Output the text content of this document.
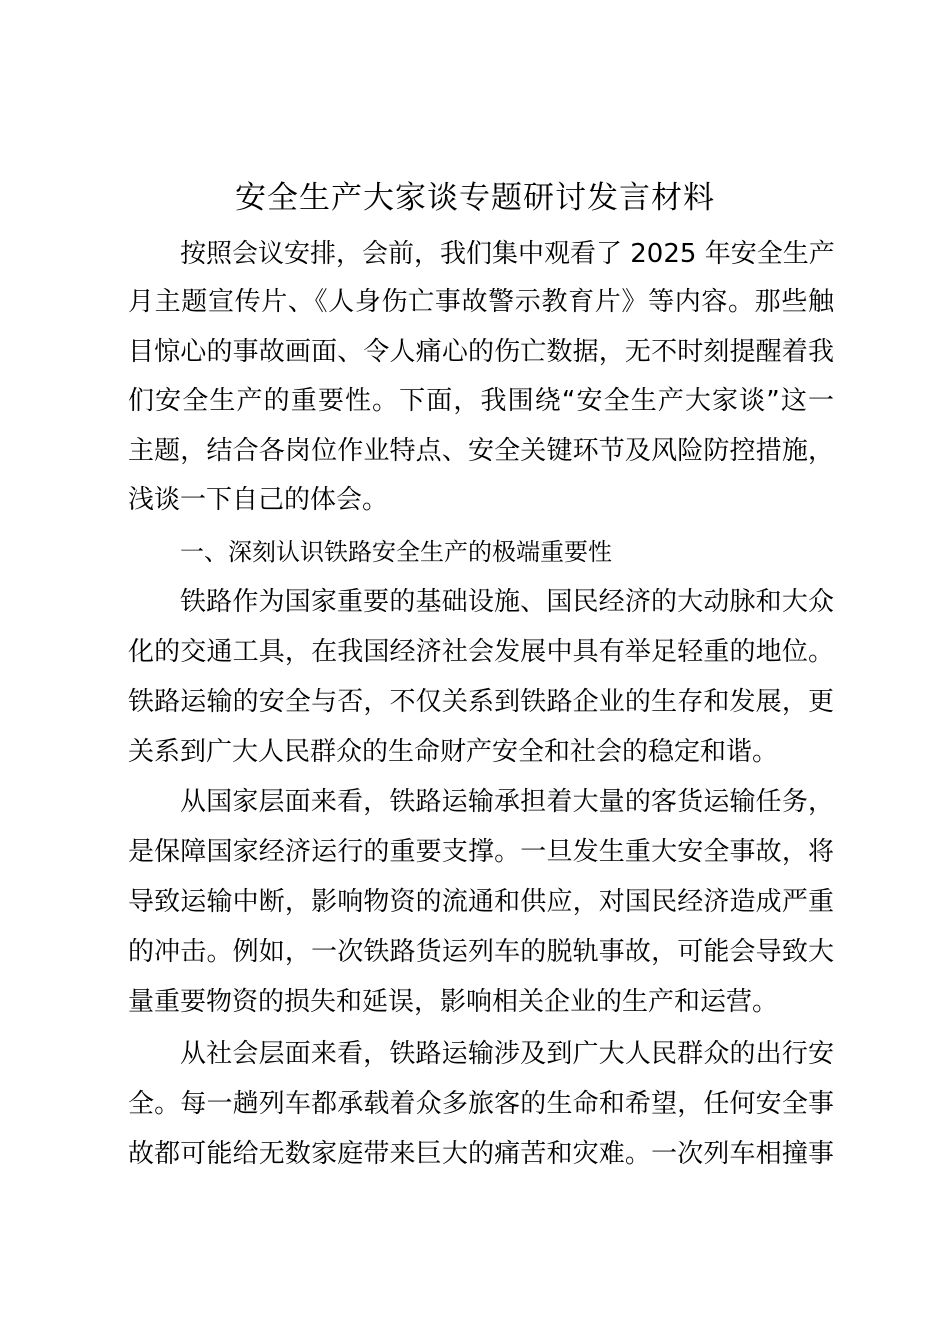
安全生产大家谈专题研讨发言材料
按照会议安排，会前，我们集中观看了 2025 年安全生产
月主题宣传片、《人身伤亡事故警示教育片》等内容。那些触
目惊心的事故画面、令人痛心的伤亡数据，无不时刻提醒着我
们安全生产的重要性。下面，我围绕“安全生产大家谈”这一
主题，结合各岗位作业特点、安全关键环节及风险防控措施，
浅谈一下自己的体会。
一、深刻认识铁路安全生产的极端重要性
铁路作为国家重要的基础设施、国民经济的大动脉和大众
化的交通工具，在我国经济社会发展中具有举足轻重的地位。
铁路运输的安全与否，不仅关系到铁路企业的生存和发展，更
关系到广大人民群众的生命财产安全和社会的稳定和谐。
从国家层面来看，铁路运输承担着大量的客货运输任务，
是保障国家经济运行的重要支撑。一旦发生重大安全事故，将
导致运输中断，影响物资的流通和供应，对国民经济造成严重
的冲击。例如，一次铁路货运列车的脱轨事故，可能会导致大
量重要物资的损失和延误，影响相关企业的生产和运营。
从社会层面来看，铁路运输涉及到广大人民群众的出行安
全。每一趟列车都承载着众多旅客的生命和希望，任何安全事
故都可能给无数家庭带来巨大的痛苦和灾难。一次列车相撞事
